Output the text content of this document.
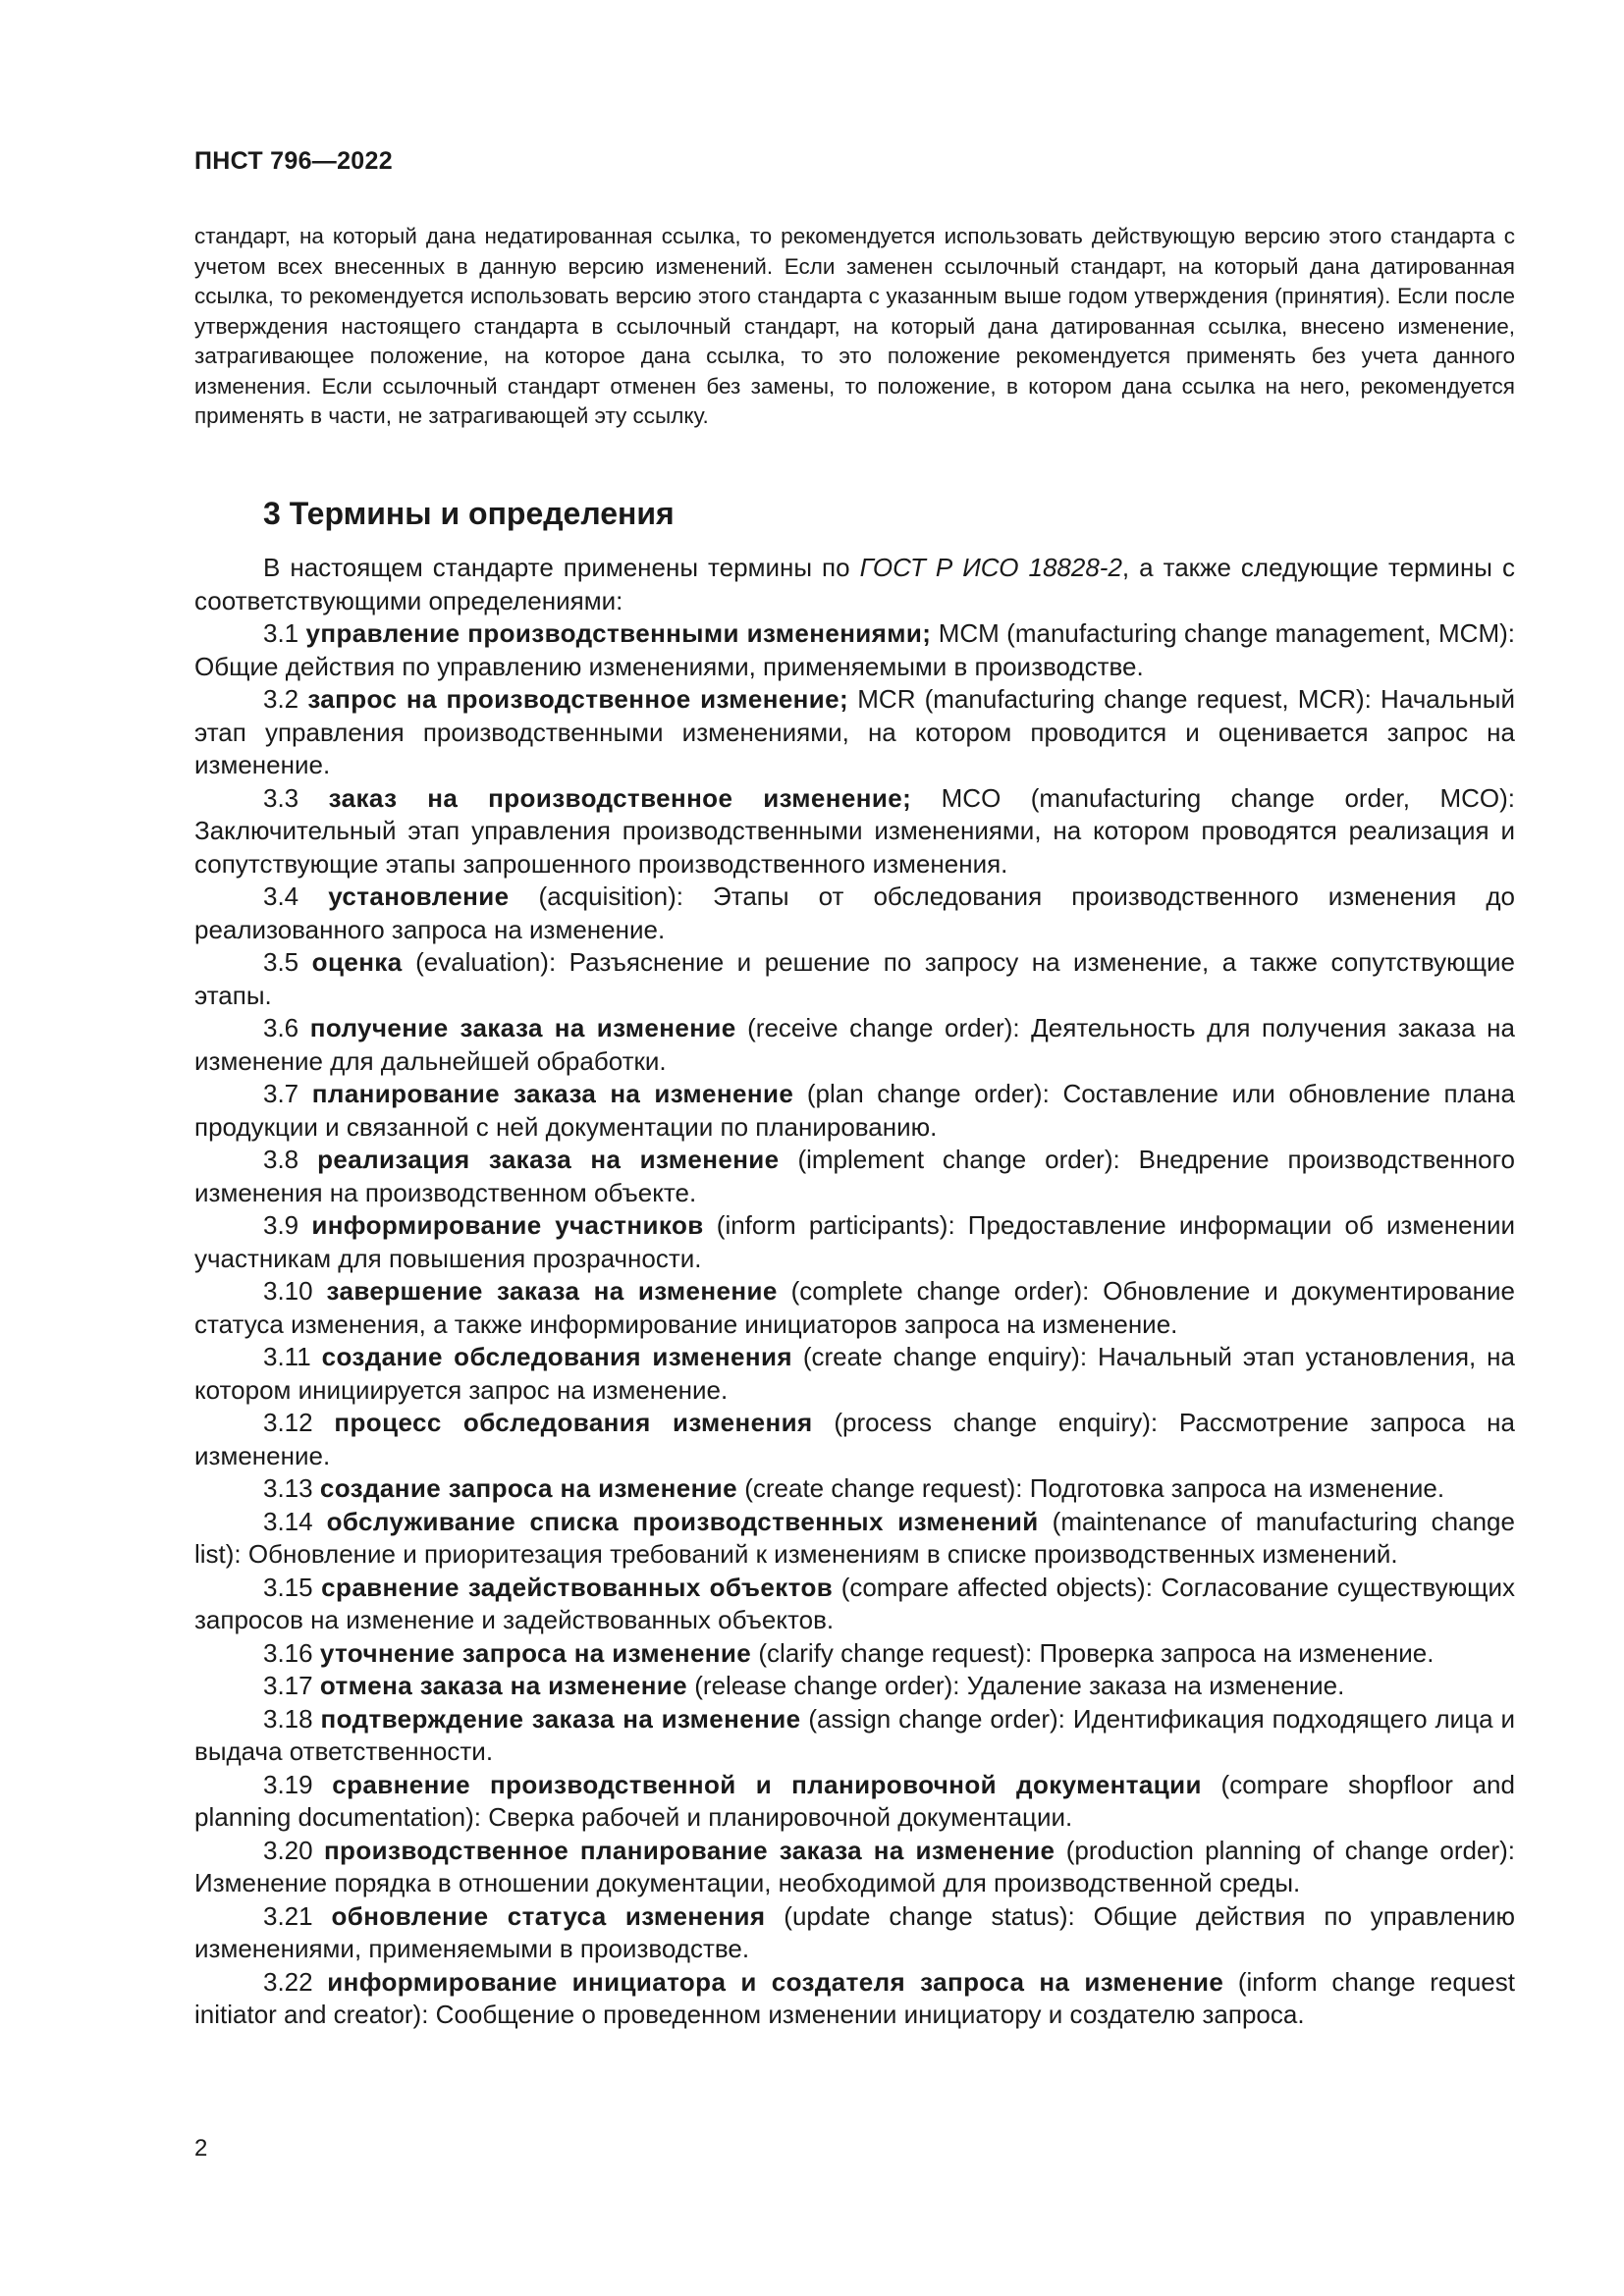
ПНСТ 796—2022
стандарт, на который дана недатированная ссылка, то рекомендуется использовать действующую версию этого стандарта с учетом всех внесенных в данную версию изменений. Если заменен ссылочный стандарт, на который дана датированная ссылка, то рекомендуется использовать версию этого стандарта с указанным выше годом утверждения (принятия). Если после утверждения настоящего стандарта в ссылочный стандарт, на который дана датированная ссылка, внесено изменение, затрагивающее положение, на которое дана ссылка, то это положение рекомендуется применять без учета данного изменения. Если ссылочный стандарт отменен без замены, то положение, в котором дана ссылка на него, рекомендуется применять в части, не затрагивающей эту ссылку.
3 Термины и определения

В настоящем стандарте применены термины по ГОСТ Р ИСО 18828-2, а также следующие термины с соответствующими определениями:

3.1 управление производственными изменениями; MCM (manufacturing change management, MCM): Общие действия по управлению изменениями, применяемыми в производстве.

3.2 запрос на производственное изменение; MCR (manufacturing change request, MCR): Начальный этап управления производственными изменениями, на котором проводится и оценивается запрос на изменение.

3.3 заказ на производственное изменение; MCO (manufacturing change order, MCO): Заключительный этап управления производственными изменениями, на котором проводятся реализация и сопутствующие этапы запрошенного производственного изменения.

3.4 установление (acquisition): Этапы от обследования производственного изменения до реализованного запроса на изменение.

3.5 оценка (evaluation): Разъяснение и решение по запросу на изменение, а также сопутствующие этапы.

3.6 получение заказа на изменение (receive change order): Деятельность для получения заказа на изменение для дальнейшей обработки.

3.7 планирование заказа на изменение (plan change order): Составление или обновление плана продукции и связанной с ней документации по планированию.

3.8 реализация заказа на изменение (implement change order): Внедрение производственного изменения на производственном объекте.

3.9 информирование участников (inform participants): Предоставление информации об изменении участникам для повышения прозрачности.

3.10 завершение заказа на изменение (complete change order): Обновление и документирование статуса изменения, а также информирование инициаторов запроса на изменение.

3.11 создание обследования изменения (create change enquiry): Начальный этап установления, на котором инициируется запрос на изменение.

3.12 процесс обследования изменения (process change enquiry): Рассмотрение запроса на изменение.

3.13 создание запроса на изменение (create change request): Подготовка запроса на изменение.

3.14 обслуживание списка производственных изменений (maintenance of manufacturing change list): Обновление и приоритезация требований к изменениям в списке производственных изменений.

3.15 сравнение задействованных объектов (compare affected objects): Согласование существующих запросов на изменение и задействованных объектов.

3.16 уточнение запроса на изменение (clarify change request): Проверка запроса на изменение.

3.17 отмена заказа на изменение (release change order): Удаление заказа на изменение.

3.18 подтверждение заказа на изменение (assign change order): Идентификация подходящего лица и выдача ответственности.

3.19 сравнение производственной и планировочной документации (compare shopfloor and planning documentation): Сверка рабочей и планировочной документации.

3.20 производственное планирование заказа на изменение (production planning of change order): Изменение порядка в отношении документации, необходимой для производственной среды.

3.21 обновление статуса изменения (update change status): Общие действия по управлению изменениями, применяемыми в производстве.

3.22 информирование инициатора и создателя запроса на изменение (inform change request initiator and creator): Сообщение о проведенном изменении инициатору и создателю запроса.

2
